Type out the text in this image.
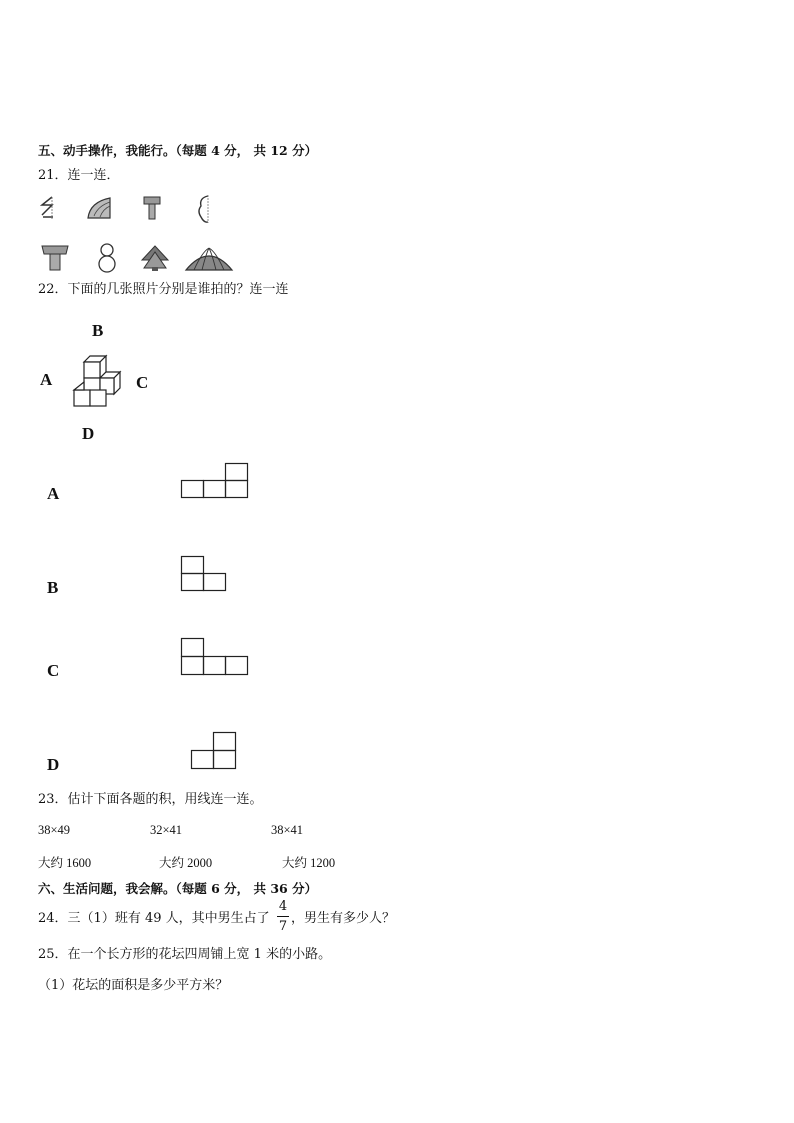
五、动手操作，我能行。（每题 4 分， 共 12 分）
21．连一连．
22．下面的几张照片分别是谁拍的？连一连
B
A	C
D
A
B
C
D
23．估计下面各题的积，用线连一连。
38×49	32×41	38×41
大约 1600	大约 2000	大约 1200
六、生活问题，我会解。（每题 6 分， 共 36 分）
24．三（1）班有 49 人，其中男生占了
4
7
，男生有多少人？
25．在一个长方形的花坛四周铺上宽 1 米的小路。
（1）花坛的面积是多少平方米？
